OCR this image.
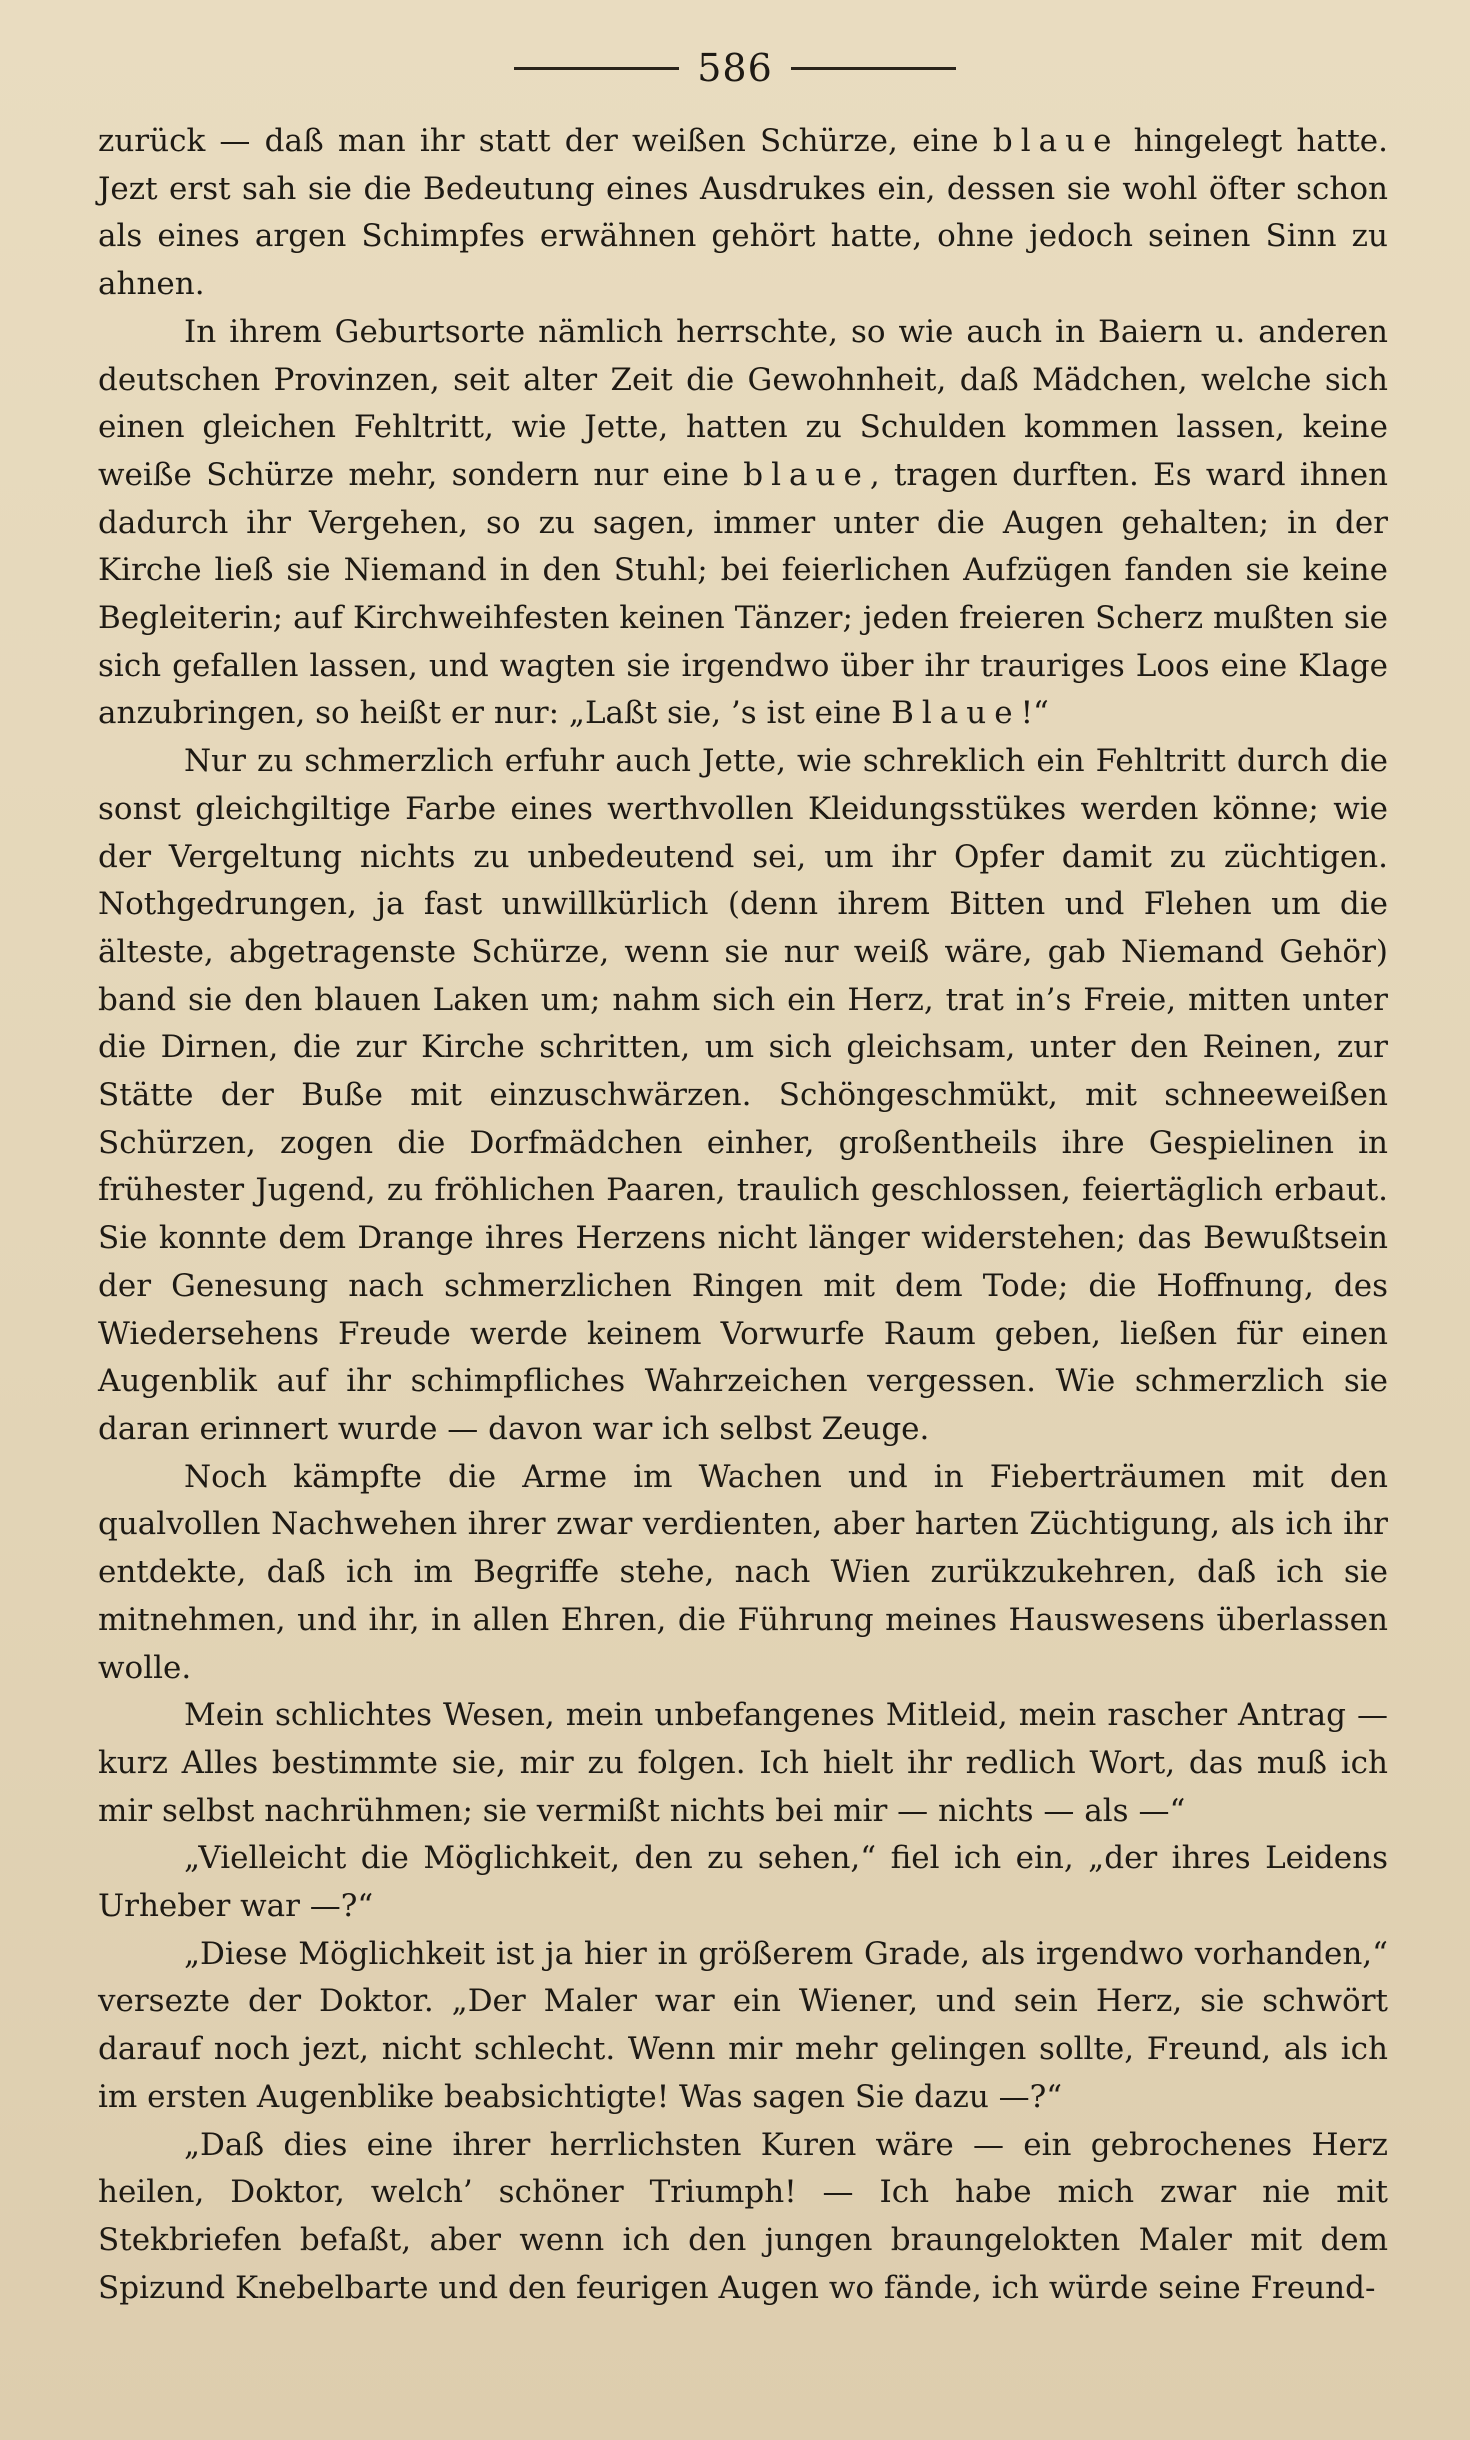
586

zurück — daß man ihr statt der weißen Schürze, eine blaue hingelegt hatte. Jezt erst sah sie die Bedeutung eines Ausdrukes ein, dessen sie wohl öfter schon als eines argen Schimpfes erwähnen gehört hatte, ohne jedoch seinen Sinn zu ahnen.

In ihrem Geburtsorte nämlich herrschte, so wie auch in Baiern u. anderen deutschen Provinzen, seit alter Zeit die Gewohnheit, daß Mädchen, welche sich einen gleichen Fehltritt, wie Jette, hatten zu Schulden kommen lassen, keine weiße Schürze mehr, sondern nur eine blaue, tragen durften. Es ward ihnen dadurch ihr Vergehen, so zu sagen, immer unter die Augen gehalten; in der Kirche ließ sie Niemand in den Stuhl; bei feierlichen Aufzügen fanden sie keine Begleiterin; auf Kirchweihfesten keinen Tänzer; jeden freieren Scherz mußten sie sich gefallen lassen, und wagten sie irgendwo über ihr trauriges Loos eine Klage anzubringen, so heißt er nur: „Laßt sie, ’s ist eine Blaue!“

Nur zu schmerzlich erfuhr auch Jette, wie schreklich ein Fehltritt durch die sonst gleichgiltige Farbe eines werthvollen Kleidungsstükes werden könne; wie der Vergeltung nichts zu unbedeutend sei, um ihr Opfer damit zu züchtigen. Nothgedrungen, ja fast unwillkürlich (denn ihrem Bitten und Flehen um die älteste, abgetragenste Schürze, wenn sie nur weiß wäre, gab Niemand Gehör) band sie den blauen Laken um; nahm sich ein Herz, trat in’s Freie, mitten unter die Dirnen, die zur Kirche schritten, um sich gleichsam, unter den Reinen, zur Stätte der Buße mit einzuschwärzen. Schöngeschmükt, mit schneeweißen Schürzen, zogen die Dorfmädchen einher, großentheils ihre Gespielinen in frühester Jugend, zu fröhlichen Paaren, traulich geschlossen, feiertäglich erbaut. Sie konnte dem Drange ihres Herzens nicht länger widerstehen; das Bewußtsein der Genesung nach schmerzlichen Ringen mit dem Tode; die Hoffnung, des Wiedersehens Freude werde keinem Vorwurfe Raum geben, ließen für einen Augenblik auf ihr schimpfliches Wahrzeichen vergessen. Wie schmerzlich sie daran erinnert wurde — davon war ich selbst Zeuge.

Noch kämpfte die Arme im Wachen und in Fieberträumen mit den qualvollen Nachwehen ihrer zwar verdienten, aber harten Züchtigung, als ich ihr entdekte, daß ich im Begriffe stehe, nach Wien zurükzukehren, daß ich sie mitnehmen, und ihr, in allen Ehren, die Führung meines Hauswesens überlassen wolle.

Mein schlichtes Wesen, mein unbefangenes Mitleid, mein rascher Antrag — kurz Alles bestimmte sie, mir zu folgen. Ich hielt ihr redlich Wort, das muß ich mir selbst nachrühmen; sie vermißt nichts bei mir — nichts — als —“

„Vielleicht die Möglichkeit, den zu sehen,“ fiel ich ein, „der ihres Leidens Urheber war —?“

„Diese Möglichkeit ist ja hier in größerem Grade, als irgendwo vorhanden,“ versezte der Doktor. „Der Maler war ein Wiener, und sein Herz, sie schwört darauf noch jezt, nicht schlecht. Wenn mir mehr gelingen sollte, Freund, als ich im ersten Augenblike beabsichtigte! Was sagen Sie dazu —?“

„Daß dies eine ihrer herrlichsten Kuren wäre — ein gebrochenes Herz heilen, Doktor, welch’ schöner Triumph! — Ich habe mich zwar nie mit Stekbriefen befaßt, aber wenn ich den jungen braungelokten Maler mit dem Spizund Knebelbarte und den feurigen Augen wo fände, ich würde seine Freund-
